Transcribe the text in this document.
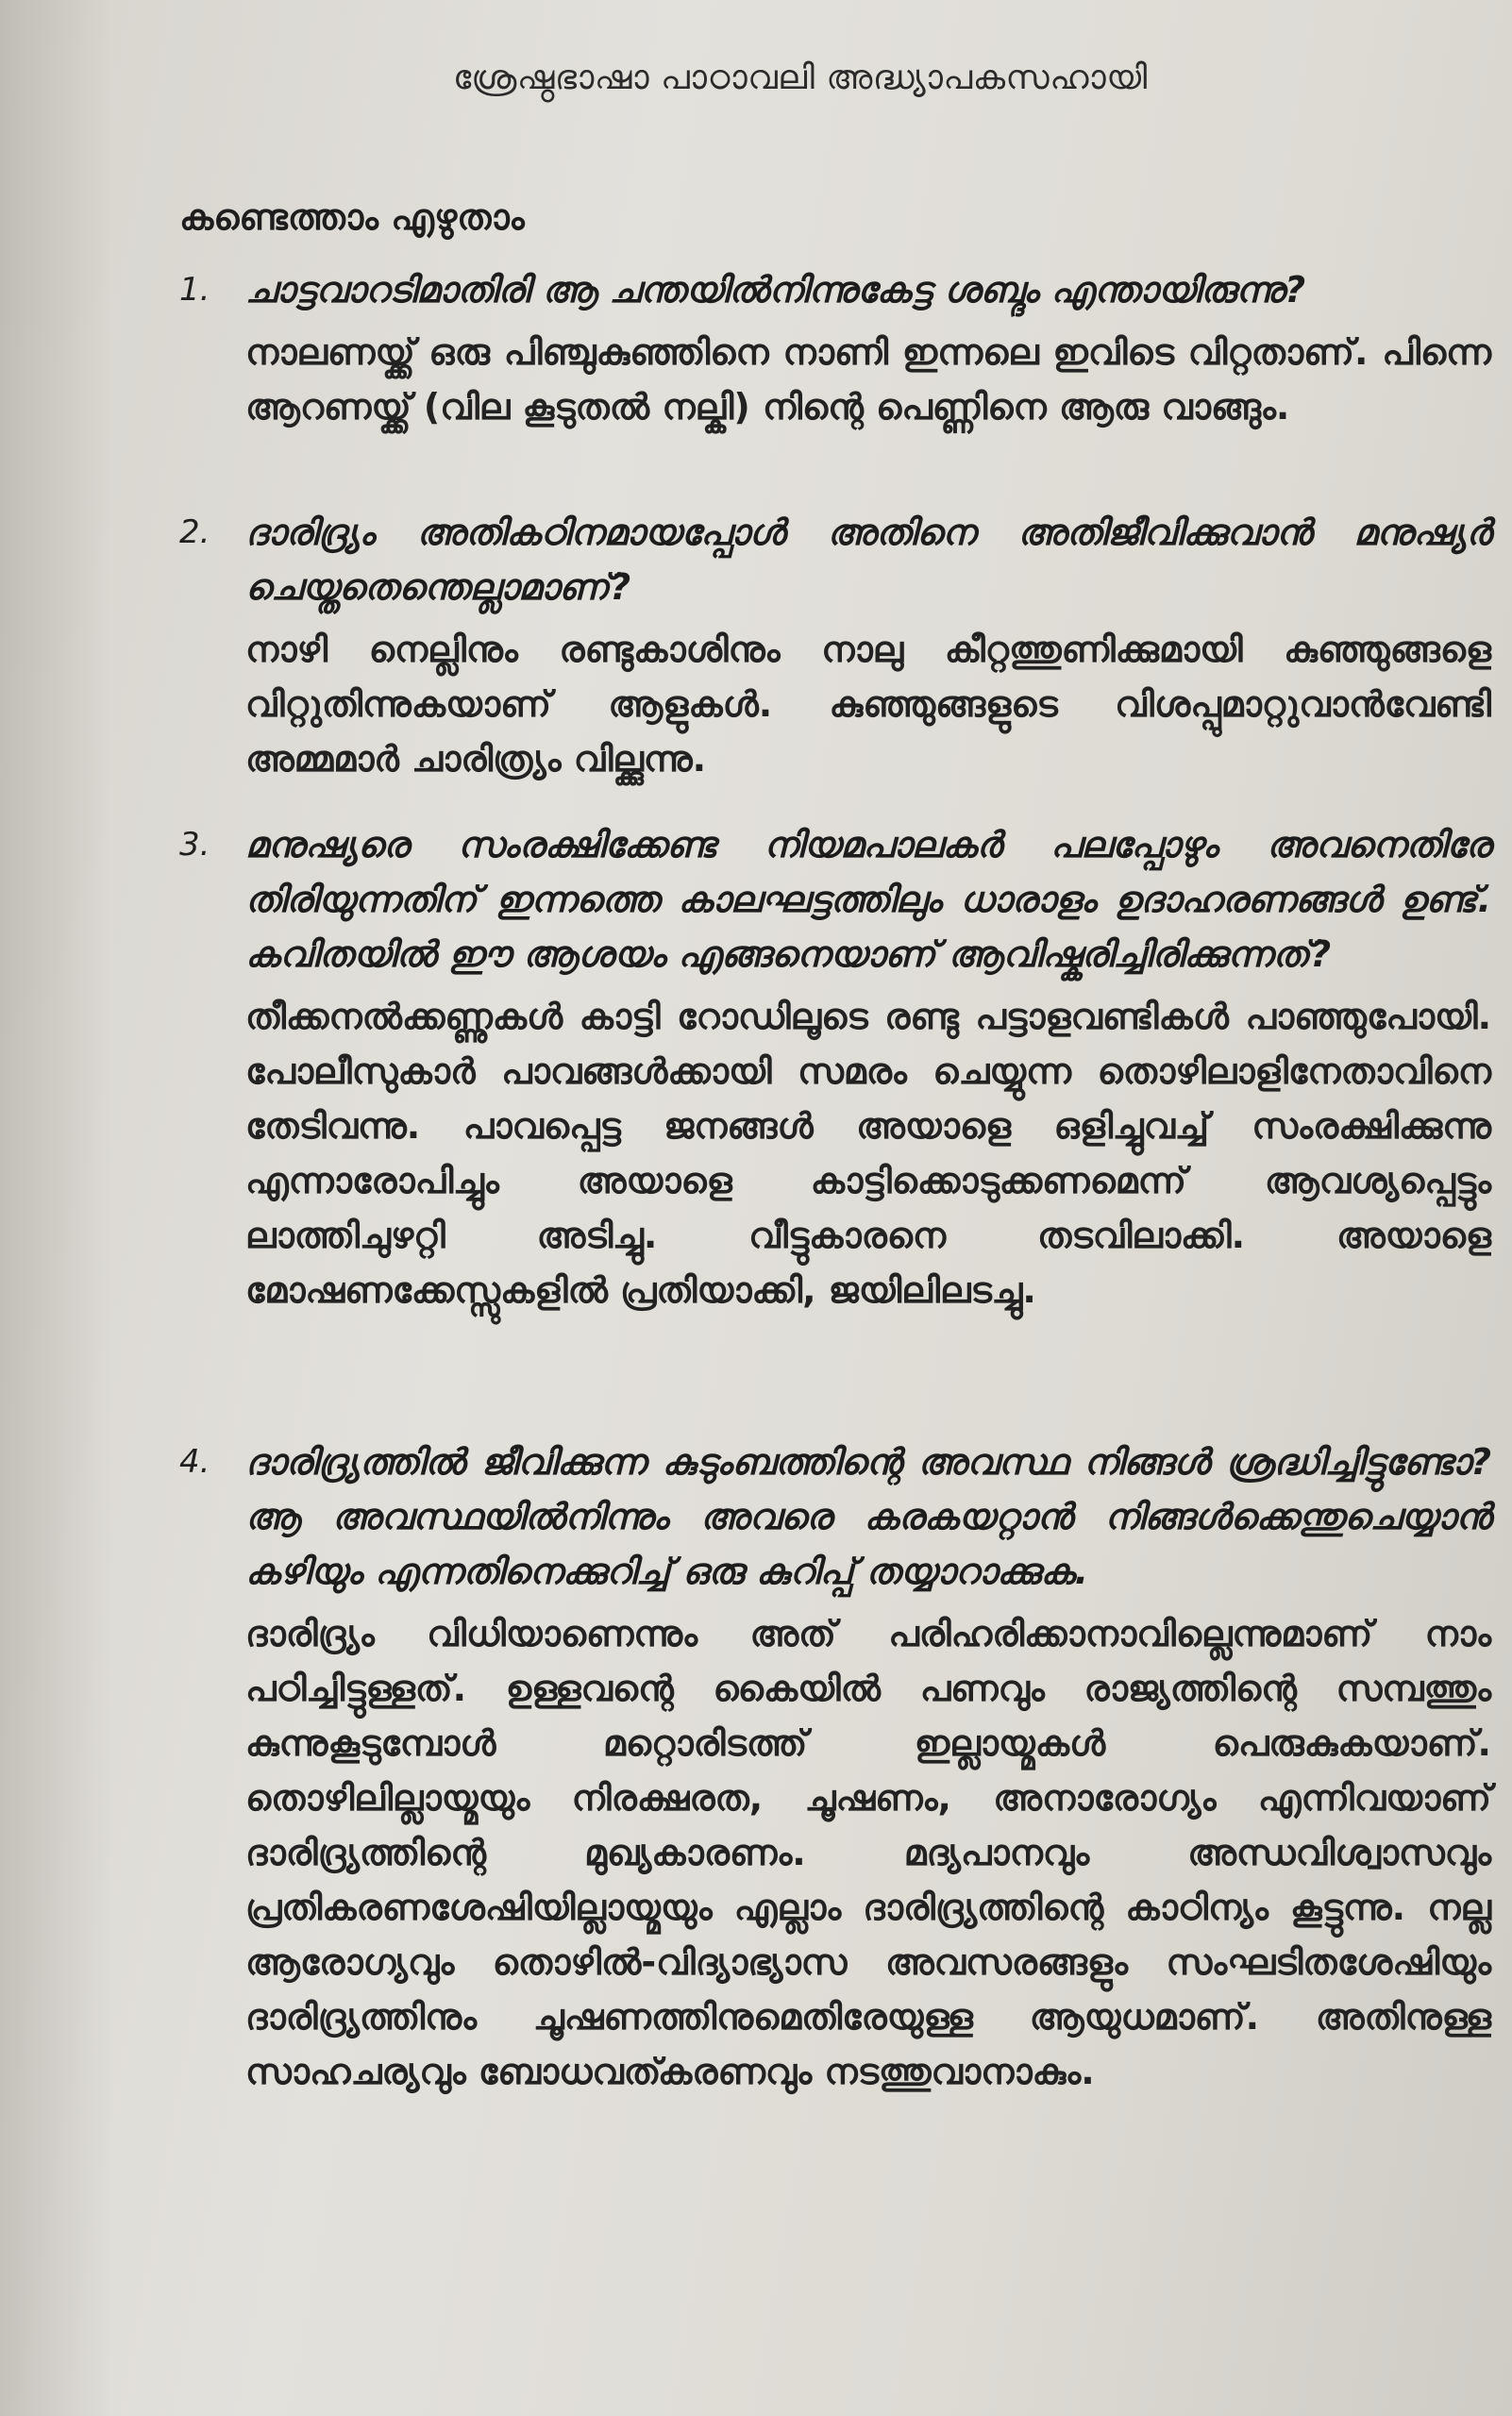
ശ്രേഷ്ഠഭാഷാ പാഠാവലി അദ്ധ്യാപകസഹായി
കണ്ടെത്താം എഴുതാം
1. ചാട്ടവാറടിമാതിരി ആ ചന്തയിൽനിന്നുകേട്ട ശബ്ദം എന്തായിരുന്നു?
നാലണയ്ക്ക് ഒരു പിഞ്ചുകുഞ്ഞിനെ നാണി ഇന്നലെ ഇവിടെ വിറ്റതാണ്. പിന്നെ ആറണയ്ക്ക് (വില കൂടുതൽ നല്കി) നിന്റെ പെണ്ണിനെ ആരു വാങ്ങും.
2. ദാരിദ്ര്യം അതികഠിനമായപ്പോൾ അതിനെ അതിജീവിക്കുവാൻ മനുഷ്യർ ചെയ്തതെന്തെല്ലാമാണ്?
നാഴി നെല്ലിനും രണ്ടുകാശിനും നാലു കീറ്റത്തുണിക്കുമായി കുഞ്ഞുങ്ങളെ വിറ്റുതിന്നുകയാണ് ആളുകൾ. കുഞ്ഞുങ്ങളുടെ വിശപ്പുമാറ്റുവാൻവേണ്ടി അമ്മമാർ ചാരിത്ര്യം വില്ക്കുന്നു.
3. മനുഷ്യരെ സംരക്ഷിക്കേണ്ട നിയമപാലകർ പലപ്പോഴും അവനെതിരേ തിരിയുന്നതിന് ഇന്നത്തെ കാലഘട്ടത്തിലും ധാരാളം ഉദാഹരണങ്ങൾ ഉണ്ട്. കവിതയിൽ ഈ ആശയം എങ്ങനെയാണ് ആവിഷ്കരിച്ചിരിക്കുന്നത്?
തീക്കനൽക്കണ്ണുകൾ കാട്ടി റോഡിലൂടെ രണ്ടു പട്ടാളവണ്ടികൾ പാഞ്ഞുപോയി. പോലീസുകാർ പാവങ്ങൾക്കായി സമരം ചെയ്യുന്ന തൊഴിലാളിനേതാവിനെ തേടിവന്നു. പാവപ്പെട്ട ജനങ്ങൾ അയാളെ ഒളിച്ചുവച്ച് സംരക്ഷിക്കുന്നു എന്നാരോപിച്ചും അയാളെ കാട്ടിക്കൊടുക്കണമെന്ന് ആവശ്യപ്പെട്ടും ലാത്തിചുഴറ്റി അടിച്ചു. വീട്ടുകാരനെ തടവിലാക്കി. അയാളെ മോഷണക്കേസ്സുകളിൽ പ്രതിയാക്കി, ജയിലിലടച്ചു.
4. ദാരിദ്ര്യത്തിൽ ജീവിക്കുന്ന കുടുംബത്തിന്റെ അവസ്ഥ നിങ്ങൾ ശ്രദ്ധിച്ചിട്ടുണ്ടോ? ആ അവസ്ഥയിൽനിന്നും അവരെ കരകയറ്റാൻ നിങ്ങൾക്കെന്തുചെയ്യാൻ കഴിയും എന്നതിനെക്കുറിച്ച് ഒരു കുറിപ്പ് തയ്യാറാക്കുക.
ദാരിദ്ര്യം വിധിയാണെന്നും അത് പരിഹരിക്കാനാവില്ലെന്നുമാണ് നാം പഠിച്ചിട്ടുള്ളത്. ഉള്ളവന്റെ കൈയിൽ പണവും രാജ്യത്തിന്റെ സമ്പത്തും കുന്നുകൂടുമ്പോൾ മറ്റൊരിടത്ത് ഇല്ലായ്മകൾ പെരുകുകയാണ്. തൊഴിലില്ലായ്മയും നിരക്ഷരത, ചൂഷണം, അനാരോഗ്യം എന്നിവയാണ് ദാരിദ്ര്യത്തിന്റെ മുഖ്യകാരണം. മദ്യപാനവും അന്ധവിശ്വാസവും പ്രതികരണശേഷിയില്ലായ്മയും എല്ലാം ദാരിദ്ര്യത്തിന്റെ കാഠിന്യം കൂട്ടുന്നു. നല്ല ആരോഗ്യവും തൊഴിൽ-വിദ്യാഭ്യാസ അവസരങ്ങളും സംഘടിതശേഷിയും ദാരിദ്ര്യത്തിനും ചൂഷണത്തിനുമെതിരേയുള്ള ആയുധമാണ്. അതിനുള്ള സാഹചര്യവും ബോധവത്കരണവും നടത്തുവാനാകും.
